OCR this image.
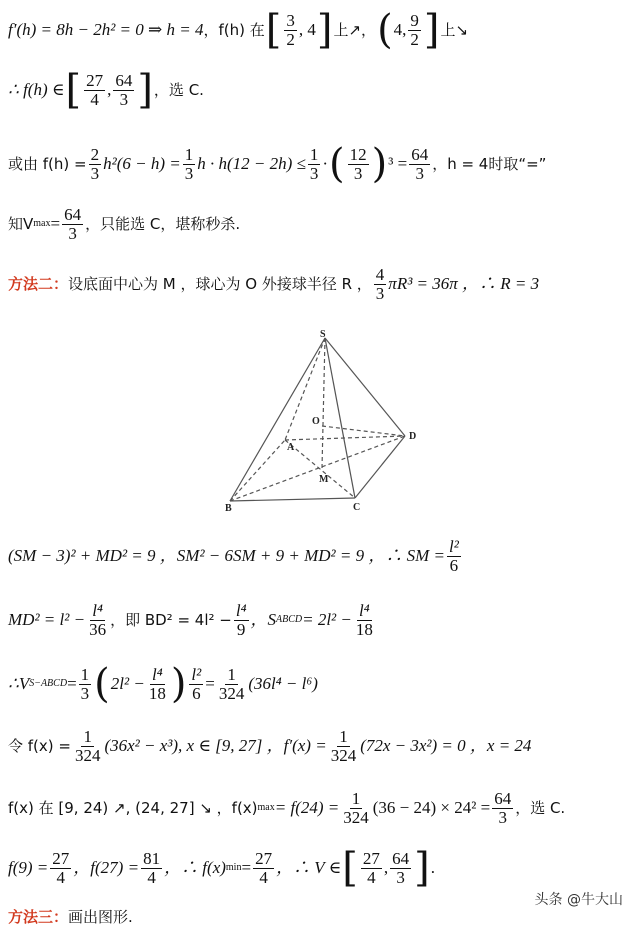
f′(h) = 8h − 2h² = 0 ⇒ h = 4 ，f(h) 在 [ $\frac{3}{2}$ , 4 ] 上↗， ( 4, $\frac{9}{2}$ ] 上↘
∴ f(h) ∈ [ $\frac{27}{4}$ , $\frac{64}{3}$ ] ，选 C.
或由 $f(h) = \frac{2}{3} h^2(6 - h) = \frac{1}{3}$ $h \cdot h(12 - 2h) \le \frac{1}{3}$ · ( $\frac{12}{3}$ ) $^3 = \frac{64}{3}$ ，h = 4时取“=”
知V $\max = \frac{64}{3}$ ，只能选 C，堪称秒杀.
方法二： 设底面中心为 M ，球心为 O 外接球半径 R ， $\frac{4}{3} \pi R^3 = 36\pi$ ，∴ R = 3
S
O
A
D
M
B	C
(SM − 3)² + MD² = 9 ，SM² − 6SM + 9 + MD² = 9 ，∴ SM = $\frac{\text{l²}}{6}$
$MD^2 = l^2 - \frac{\text{l⁴}}{36}$ ，即 $BD^2 = 4l^2 - \frac{\text{l⁴}}{9}$ ，S ABCD = $2l^2 - \frac{\text{l⁴}}{18}$
∴V S−ABCD = $\frac{1}{3}$ ( $2l^2 - \frac{\text{l⁴}}{18}$ ) $\frac{\text{l²}}{6} = \frac{1}{324} (36l^4 - l^6)$
令 $f(x) = \frac{1}{324} (36x^2 - x^3)$, x ∈ [9, 27] ，$f'(x) = \frac{1}{324} (72x - 3x^2) = 0$ ，x = 24
f(x) 在 [9, 24) ↗, (24, 27] ↘ ，f(x) $\max = f(24) = \frac{1}{324} (36 - 24) \times 24^2 = \frac{64}{3}$ ，选 C.
$f(9) = \frac{27}{4}$ ，$f(27) = \frac{81}{4}$ ，∴ f(x) $\min = \frac{27}{4}$ ，∴ V ∈ [ $\frac{27}{4}$ , $\frac{64}{3}$ ] .
方法三： 画出图形.
头条 @牛大山
